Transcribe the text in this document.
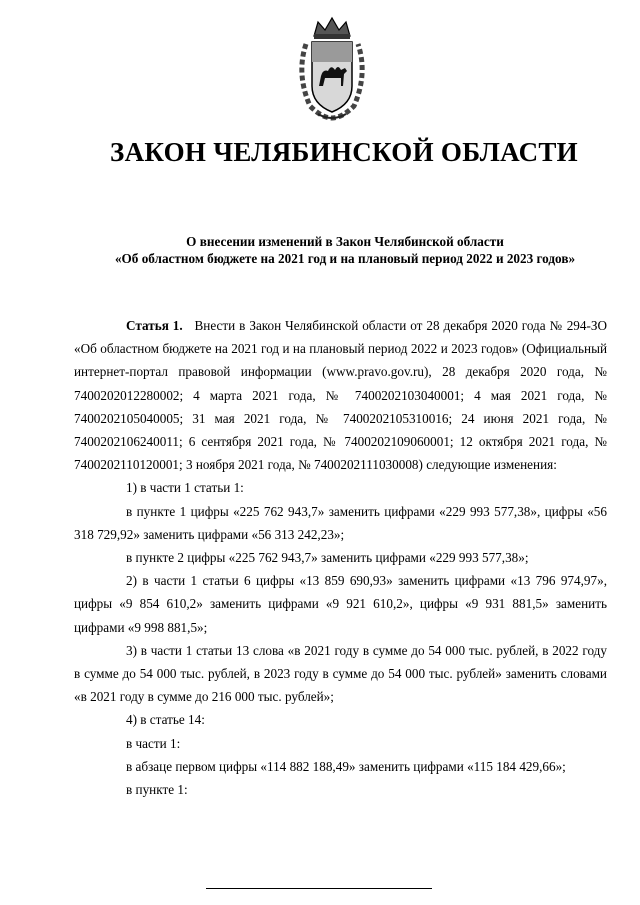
ЗАКОН ЧЕЛЯБИНСКОЙ ОБЛАСТИ
О внесении изменений в Закон Челябинской области
«Об областном бюджете на 2021 год и на плановый период 2022 и 2023 годов»

Статья 1. Внести в Закон Челябинской области от 28 декабря 2020 года № 294-ЗО «Об областном бюджете на 2021 год и на плановый период 2022 и 2023 годов» (Официальный интернет-портал правовой информации (www.pravo.gov.ru), 28 декабря 2020 года, № 7400202012280002; 4 марта 2021 года, № 7400202103040001; 4 мая 2021 года, № 7400202105040005; 31 мая 2021 года, № 7400202105310016; 24 июня 2021 года, № 7400202106240011; 6 сентября 2021 года, № 7400202109060001; 12 октября 2021 года, № 7400202110120001; 3 ноября 2021 года, № 7400202111030008) следующие изменения:

1) в части 1 статьи 1:

в пункте 1 цифры «225 762 943,7» заменить цифрами «229 993 577,38», цифры «56 318 729,92» заменить цифрами «56 313 242,23»;

в пункте 2 цифры «225 762 943,7» заменить цифрами «229 993 577,38»;

2) в части 1 статьи 6 цифры «13 859 690,93» заменить цифрами «13 796 974,97», цифры «9 854 610,2» заменить цифрами «9 921 610,2», цифры «9 931 881,5» заменить цифрами «9 998 881,5»;

3) в части 1 статьи 13 слова «в 2021 году в сумме до 54 000 тыс. рублей, в 2022 году в сумме до 54 000 тыс. рублей, в 2023 году в сумме до 54 000 тыс. рублей» заменить словами «в 2021 году в сумме до 216 000 тыс. рублей»;

4) в статье 14:

в части 1:

в абзаце первом цифры «114 882 188,49» заменить цифрами «115 184 429,66»;

в пункте 1:
